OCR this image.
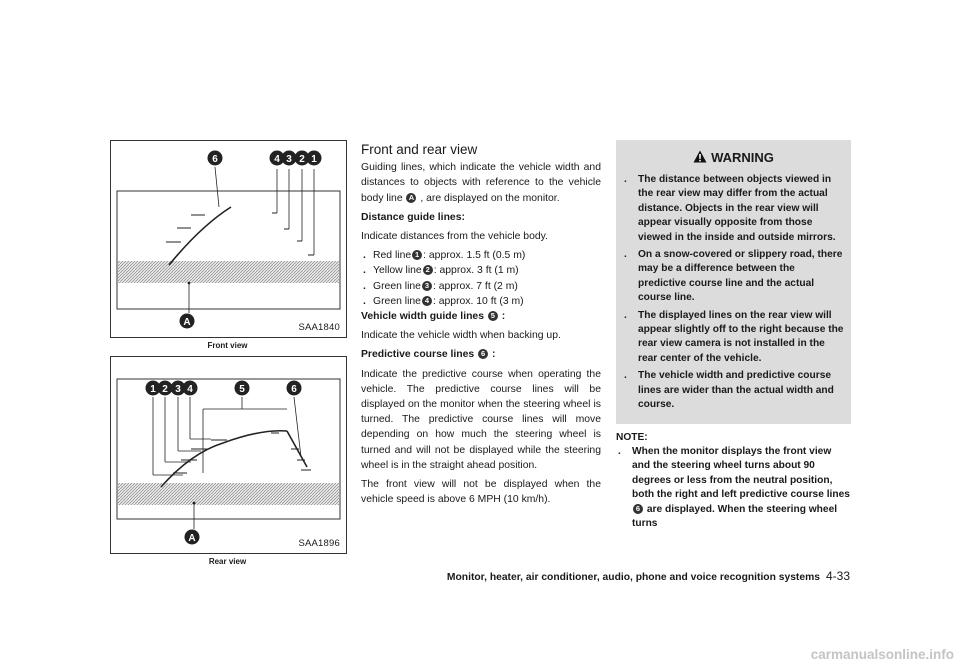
6	4 3 2 1
A	SAA1840
Front view
1 2 3 4	5	6
A	SAA1896
Rear view
Front and rear view

Guiding lines, which indicate the vehicle width and distances to objects with reference to the vehicle body line A , are displayed on the monitor.

Distance guide lines:

Indicate distances from the vehicle body.

. Red line 1 : approx. 1.5 ft (0.5 m)
. Yellow line 2 : approx. 3 ft (1 m)
. Green line 3 : approx. 7 ft (2 m)
. Green line 4 : approx. 10 ft (3 m)

Vehicle width guide lines 5 :

Indicate the vehicle width when backing up.

Predictive course lines 6 :

Indicate the predictive course when operating the vehicle. The predictive course lines will be displayed on the monitor when the steering wheel is turned. The predictive course lines will move depending on how much the steering wheel is turned and will not be displayed while the steering wheel is in the straight ahead position.

The front view will not be displayed when the vehicle speed is above 6 MPH (10 km/h).

WARNING
.	The distance between objects viewed in the rear view may differ from the actual distance. Objects in the rear view will appear visually opposite from those viewed in the inside and outside mirrors.
.	On a snow-covered or slippery road, there may be a difference between the predictive course line and the actual course line.
.	The displayed lines on the rear view will appear slightly off to the right because the rear view camera is not installed in the rear center of the vehicle.
.	The vehicle width and predictive course lines are wider than the actual width and course.
NOTE:
.	When the monitor displays the front view and the steering wheel turns about 90 degrees or less from the neutral position, both the right and left predictive course lines 6 are displayed. When the steering wheel turns
Monitor, heater, air conditioner, audio, phone and voice recognition systems 4-33
carmanualsonline.info
